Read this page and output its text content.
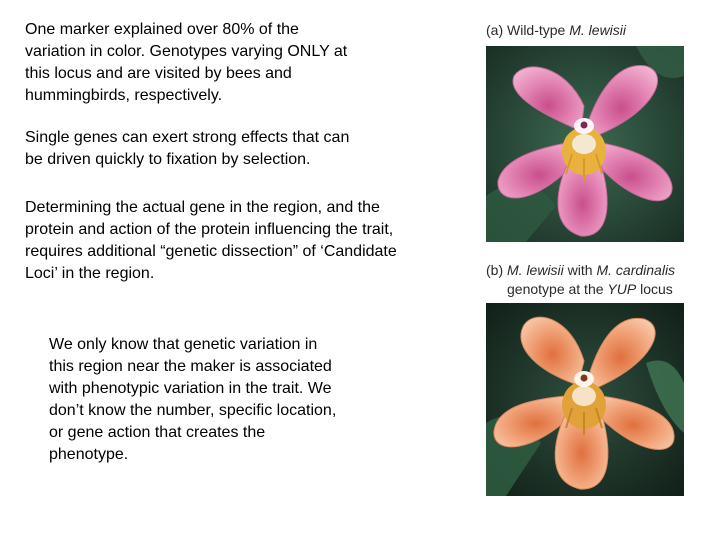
One marker explained over 80% of the
variation in color. Genotypes varying ONLY at
this locus and are visited by bees and
hummingbirds, respectively.
Single genes can exert strong effects that can
be driven quickly to fixation by selection.
Determining the actual gene in the region, and the
protein and action of the protein influencing the trait,
requires additional “genetic dissection” of ‘Candidate
Loci’ in the region.
We only know that genetic variation in
this region near the maker is associated
with phenotypic variation in the trait. We
don’t know the number, specific location,
or gene action that creates the
phenotype.

(a) Wild-type M. lewisii

(b) M. lewisii with M. cardinalis
genotype at the YUP locus
